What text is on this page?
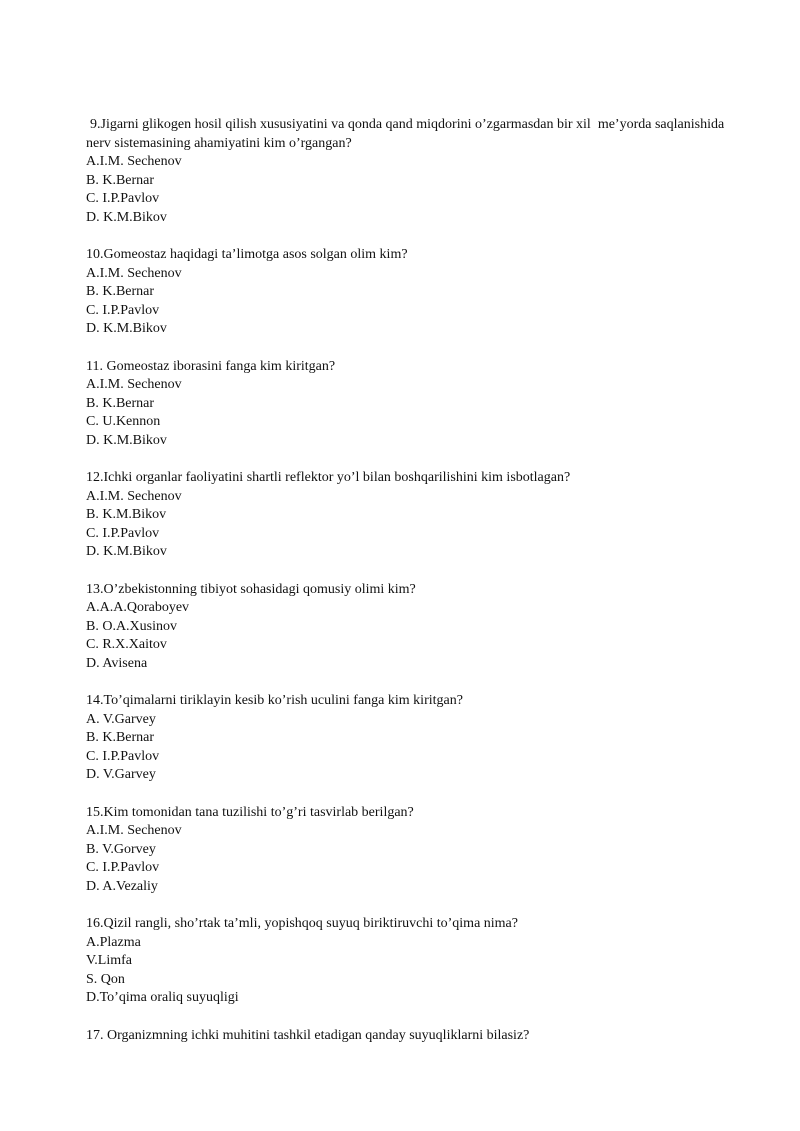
9.Jigarni glikogen hosil qilish xususiyatini va qonda qand miqdorini o’zgarmasdan bir xil  me’yorda saqlanishida nerv sistemasining ahamiyatini kim o’rgangan?

A.I.M. Sechenov

B. K.Bernar

C. I.P.Pavlov

D. K.M.Bikov

10.Gomeostaz haqidagi ta’limotga asos solgan olim kim?

A.I.M. Sechenov

B. K.Bernar

C. I.P.Pavlov

D. K.M.Bikov

11. Gomeostaz iborasini fanga kim kiritgan?

A.I.M. Sechenov

B. K.Bernar

C. U.Kennon

D. K.M.Bikov

12.Ichki organlar faoliyatini shartli reflektor yo’l bilan boshqarilishini kim isbotlagan?

A.I.M. Sechenov

B. K.M.Bikov

C. I.P.Pavlov

D. K.M.Bikov

13.O’zbekistonning tibiyot sohasidagi qomusiy olimi kim?

A.A.A.Qoraboyev

B. O.A.Xusinov

C. R.X.Xaitov

D. Avisena

14.To’qimalarni tiriklayin kesib ko’rish uculini fanga kim kiritgan?

A. V.Garvey

B. K.Bernar

C. I.P.Pavlov

D. V.Garvey

15.Kim tomonidan tana tuzilishi to’g’ri tasvirlab berilgan?

A.I.M. Sechenov

B. V.Gorvey

C. I.P.Pavlov

D. A.Vezaliy

16.Qizil rangli, sho’rtak ta’mli, yopishqoq suyuq biriktiruvchi to’qima nima?

A.Plazma

V.Limfa

S. Qon

D.To’qima oraliq suyuqligi

17. Organizmning ichki muhitini tashkil etadigan qanday suyuqliklarni bilasiz?
